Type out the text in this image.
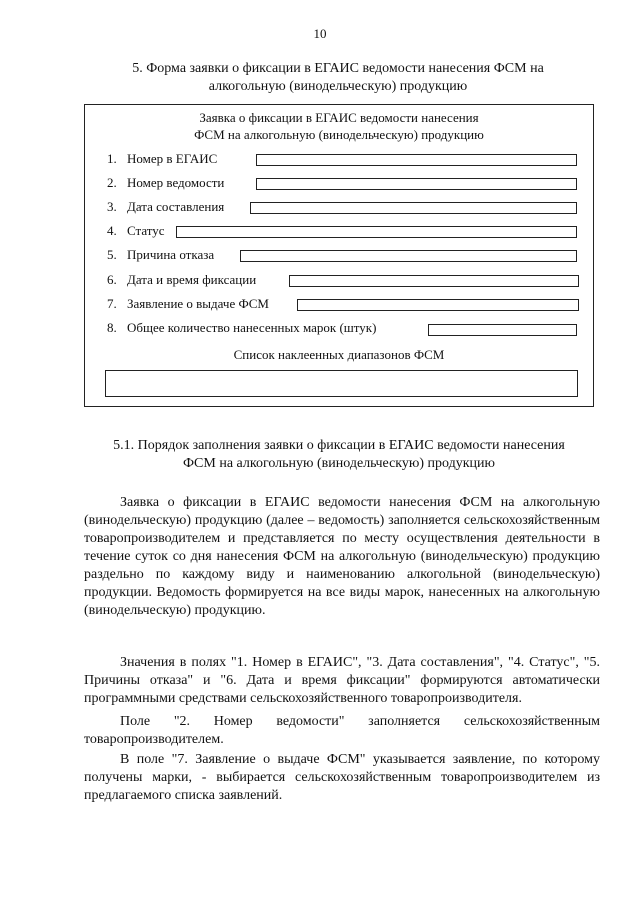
10
5. Форма заявки о фиксации в ЕГАИС ведомости нанесения ФСМ на
алкогольную (винодельческую) продукцию
Заявка о фиксации в ЕГАИС ведомости нанесения
ФСМ на алкогольную (винодельческую) продукцию
1. Номер в ЕГАИС
2. Номер ведомости
3. Дата составления
4. Статус
5. Причина отказа
6. Дата и время фиксации
7. Заявление о выдаче ФСМ
8. Общее количество нанесенных марок (штук)
Список наклеенных диапазонов ФСМ
5.1. Порядок заполнения заявки о фиксации в ЕГАИС ведомости нанесения
ФСМ на алкогольную (винодельческую) продукцию

Заявка о фиксации в ЕГАИС ведомости нанесения ФСМ на алкогольную (винодельческую) продукцию (далее – ведомость) заполняется сельскохозяйственным товаропроизводителем и представляется по месту осуществления деятельности в течение суток со дня нанесения ФСМ на алкогольную (винодельческую) продукцию раздельно по каждому виду и наименованию алкогольной (винодельческую) продукции. Ведомость формируется на все виды марок, нанесенных на алкогольную (винодельческую) продукцию.

Значения в полях "1. Номер в ЕГАИС", "3. Дата составления", "4. Статус", "5. Причины отказа" и "6. Дата и время фиксации" формируются автоматически программными средствами сельскохозяйственного товаропроизводителя.

Поле "2. Номер ведомости" заполняется сельскохозяйственным товаропроизводителем.

В поле "7. Заявление о выдаче ФСМ" указывается заявление, по которому получены марки, - выбирается сельскохозяйственным товаропроизводителем из предлагаемого списка заявлений.
